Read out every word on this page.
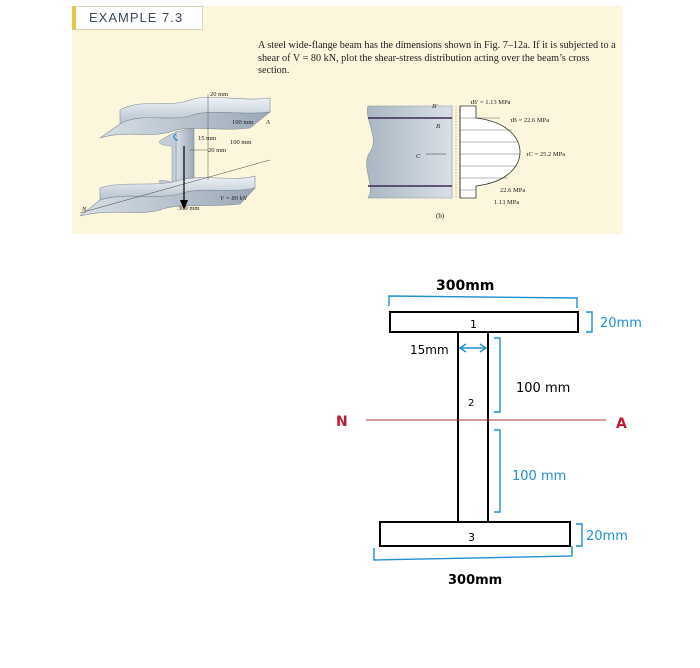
EXAMPLE 7.3
A steel wide-flange beam has the dimensions shown in Fig. 7–12a. If it is subjected to a shear of V = 80 kN, plot the shear-stress distribution acting over the beam’s cross section.
20 mm
100 mm A
15 mm
100 mm
20 mm
V = 80 kN
N	300 mm
B′
B
C
τB′ = 1.13 MPa
τB = 22.6 MPa
τC = 25.2 MPa
22.6 MPa
1.13 MPa
(b)
300mm
1	20mm
2
15mm
100 mm
100 mm
N	A
3	20mm
300mm
